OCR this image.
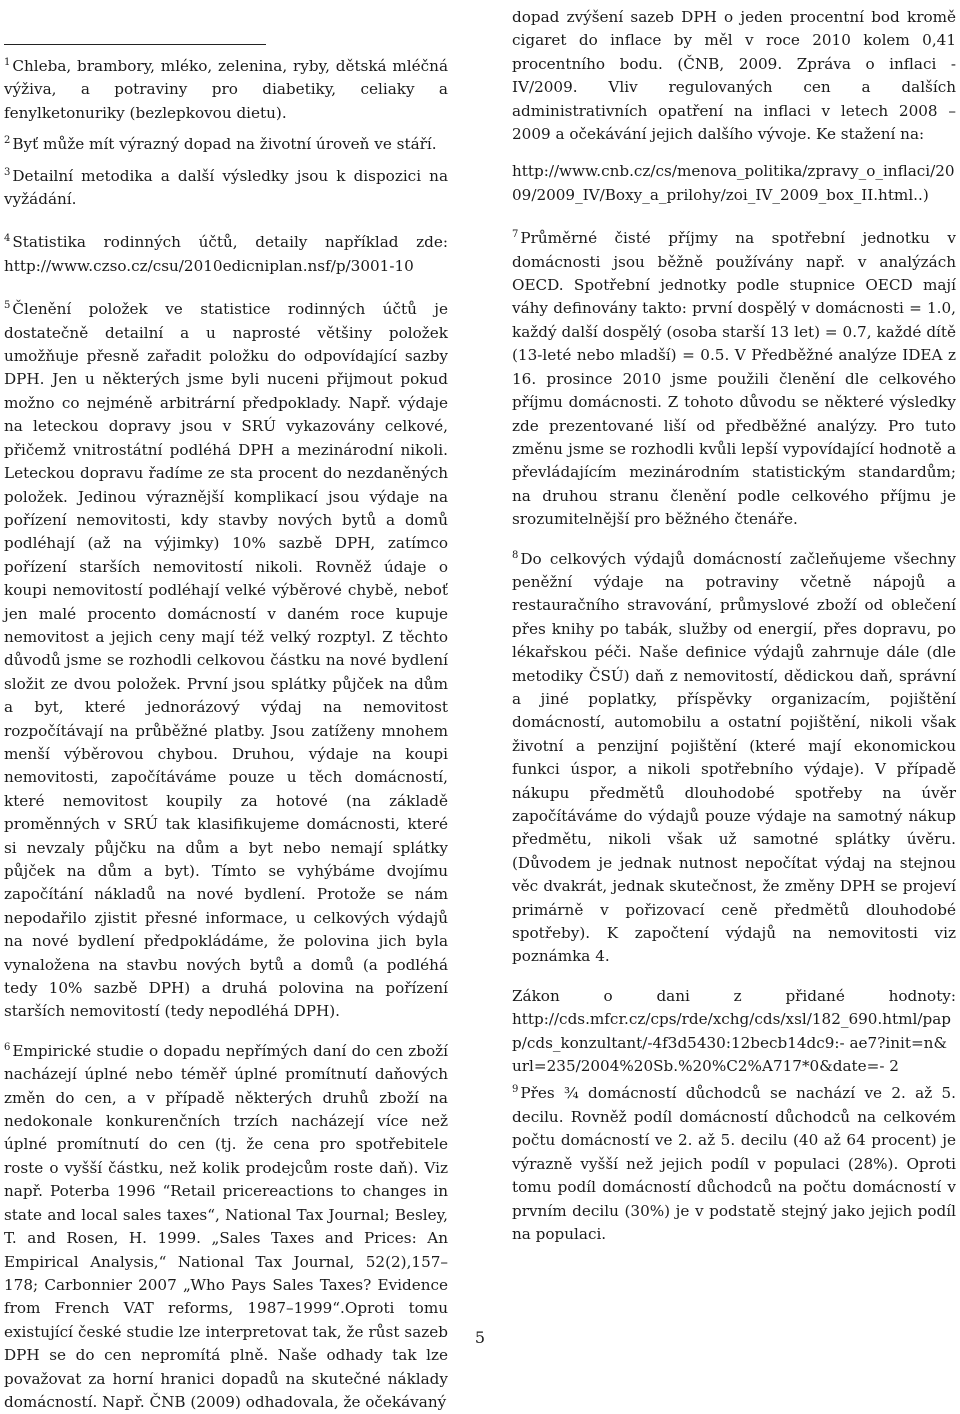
$^1$ Chleba, brambory, mléko, zelenina, ryby, dětská mléčná výživa, a potraviny pro diabetiky, celiaky a fenylketonuriky (bezlepkovou dietu).

$^2$ Byť může mít výrazný dopad na životní úroveň ve stáří.

$^3$ Detailní metodika a další výsledky jsou k dispozici na vyžádání.

$^4$ Statistika rodinných účtů, detaily například zde: http://www.czso.cz/csu/2010edicniplan.nsf/p/3001-10

$^5$ Členění položek ve statistice rodinných účtů je dostatečně detailní a u naprosté většiny položek umožňuje přesně zařadit položku do odpovídající sazby DPH. Jen u některých jsme byli nuceni přijmout pokud možno co nejméně arbitrární předpoklady. Např. výdaje na leteckou dopravy jsou v SRÚ vykazovány celkové, přičemž vnitrostátní podléhá DPH a mezinárodní nikoli. Leteckou dopravu řadíme ze sta procent do nezdaněných položek. Jedinou výraznější komplikací jsou výdaje na pořízení nemovitosti, kdy stavby nových bytů a domů podléhají (až na výjimky) 10% sazbě DPH, zatímco pořízení starších nemovitostí nikoli. Rovněž údaje o koupi nemovitostí podléhají velké výběrové chybě, neboť jen malé procento domácností v daném roce kupuje nemovitost a jejich ceny mají též velký rozptyl. Z těchto důvodů jsme se rozhodli celkovou částku na nové bydlení složit ze dvou položek. První jsou splátky půjček na dům a byt, které jednorázový výdaj na nemovitost rozpočítávají na průběžné platby. Jsou zatíženy mnohem menší výběrovou chybou. Druhou, výdaje na koupi nemovitosti, započítáváme pouze u těch domácností, které nemovitost koupily za hotové (na základě proměnných v SRÚ tak klasifikujeme domácnosti, které si nevzaly půjčku na dům a byt nebo nemají splátky půjček na dům a byt). Tímto se vyhýbáme dvojímu započítání nákladů na nové bydlení. Protože se nám nepodařilo zjistit přesné informace, u celkových výdajů na nové bydlení předpokládáme, že polovina jich byla vynaložena na stavbu nových bytů a domů (a podléhá tedy 10% sazbě DPH) a druhá polovina na pořízení starších nemovitostí (tedy nepodléhá DPH).

$^6$ Empirické studie o dopadu nepřímých daní do cen zboží nacházejí úplné nebo téměř úplné promítnutí daňových změn do cen, a v případě některých druhů zboží na nedokonale konkurenčních trzích nacházejí více než úplné promítnutí do cen (tj. že cena pro spotřebitele roste o vyšší částku, než kolik prodejcům roste daň). Viz např. Poterba 1996 “Retail pricereactions to changes in state and local sales taxes“, National Tax Journal; Besley, T. and Rosen, H. 1999. „Sales Taxes and Prices: An Empirical Analysis,“ National Tax Journal, 52(2),157–178; Carbonnier 2007 „Who Pays Sales Taxes? Evidence from French VAT reforms, 1987–1999“.Oproti tomu existující české studie lze interpretovat tak, že růst sazeb DPH se do cen nepromítá plně. Naše odhady tak lze považovat za horní hranici dopadů na skutečné náklady domácností. Např. ČNB (2009) odhadovala, že očekávaný

dopad zvýšení sazeb DPH o jeden procentní bod kromě cigaret do inflace by měl v roce 2010 kolem 0,41 procentního bodu. (ČNB, 2009. Zpráva o inflaci - IV/2009. Vliv regulovaných cen a dalších administrativních opatření na inflaci v letech 2008 – 2009 a očekávání jejich dalšího vývoje. Ke stažení na:

http://www.cnb.cz/cs/menova_politika/zpravy_o_inflaci/2009/2009_IV/Boxy_a_prilohy/zoi_IV_2009_box_II.html..)

$^7$ Průměrné čisté příjmy na spotřební jednotku v domácnosti jsou běžně používány např. v analýzách OECD. Spotřební jednotky podle stupnice OECD mají váhy definovány takto: první dospělý v domácnosti = 1.0, každý další dospělý (osoba starší 13 let) = 0.7, každé dítě (13-leté nebo mladší) = 0.5. V Předběžné analýze IDEA z 16. prosince 2010 jsme použili členění dle celkového příjmu domácnosti. Z tohoto důvodu se některé výsledky zde prezentované liší od předběžné analýzy. Pro tuto změnu jsme se rozhodli kvůli lepší vypovídající hodnotě a převládajícím mezinárodním statistickým standardům; na druhou stranu členění podle celkového příjmu je srozumitelnější pro běžného čtenáře.

$^8$ Do celkových výdajů domácností začleňujeme všechny peněžní výdaje na potraviny včetně nápojů a restauračního stravování, průmyslové zboží od oblečení přes knihy po tabák, služby od energií, přes dopravu, po lékařskou péči. Naše definice výdajů zahrnuje dále (dle metodiky ČSÚ) daň z nemovitostí, dědickou daň, správní a jiné poplatky, příspěvky organizacím, pojištění domácností, automobilu a ostatní pojištění, nikoli však životní a penzijní pojištění (které mají ekonomickou funkci úspor, a nikoli spotřebního výdaje). V případě nákupu předmětů dlouhodobé spotřeby na úvěr započítáváme do výdajů pouze výdaje na samotný nákup předmětu, nikoli však už samotné splátky úvěru. (Důvodem je jednak nutnost nepočítat výdaj na stejnou věc dvakrát, jednak skutečnost, že změny DPH se projeví primárně v pořizovací ceně předmětů dlouhodobé spotřeby). K započtení výdajů na nemovitosti viz poznámka 4.

Zákon o dani z přidané hodnoty:

http://cds.mfcr.cz/cps/rde/xchg/cds/xsl/182_690.html/pap p/cds_konzultant/-4f3d5430:12becb14dc9:- ae7?init=n&url=235/2004%20Sb.%20%C2%A717*0&date=- 2

$^9$ Přes ¾ domácností důchodců se nachází ve 2. až 5. decilu. Rovněž podíl domácností důchodců na celkovém počtu domácností ve 2. až 5. decilu (40 až 64 procent) je výrazně vyšší než jejich podíl v populaci (28%). Oproti tomu podíl domácností důchodců na počtu domácností v prvním decilu (30%) je v podstatě stejný jako jejich podíl na populaci.

5
